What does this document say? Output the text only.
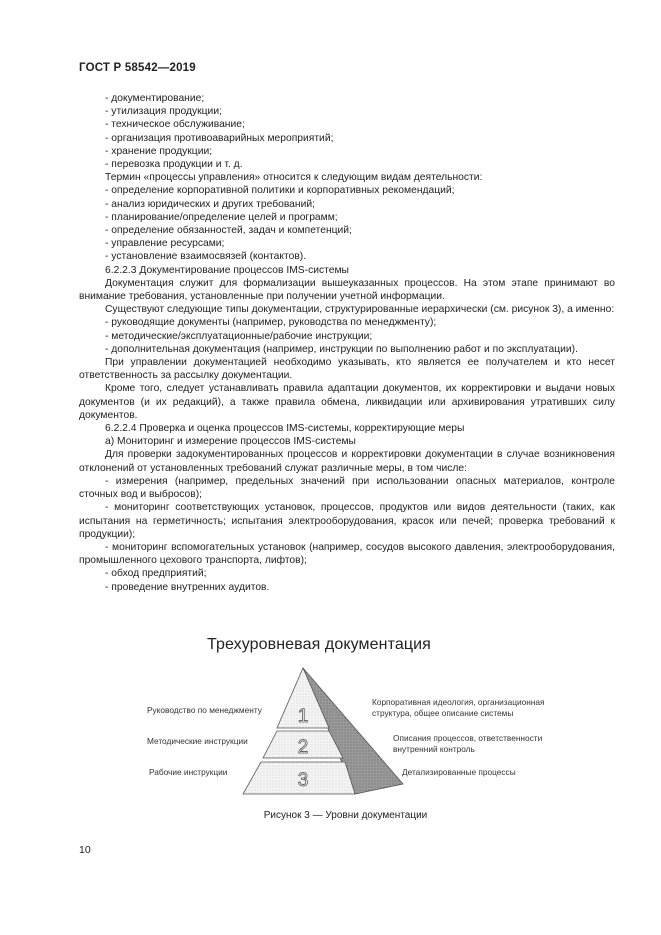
ГОСТ Р 58542—2019
- документирование;
- утилизация продукции;
- техническое обслуживание;
- организация противоаварийных мероприятий;
- хранение продукции;
- перевозка продукции и т. д.
Термин «процессы управления» относится к следующим видам деятельности:
- определение корпоративной политики и корпоративных рекомендаций;
- анализ юридических и других требований;
- планирование/определение целей и программ;
- определение обязанностей, задач и компетенций;
- управление ресурсами;
- установление взаимосвязей (контактов).
6.2.2.3 Документирование процессов IMS-системы
Документация служит для формализации вышеуказанных процессов. На этом этапе принимают во внимание требования, установленные при получении учетной информации.
Существуют следующие типы документации, структурированные иерархически (см. рисунок 3), а именно:
- руководящие документы (например, руководства по менеджменту);
- методические/эксплуатационные/рабочие инструкции;
- дополнительная документация (например, инструкции по выполнению работ и по эксплуатации).
При управлении документацией необходимо указывать, кто является ее получателем и кто несет ответственность за рассылку документации.
Кроме того, следует устанавливать правила адаптации документов, их корректировки и выдачи новых документов (и их редакций), а также правила обмена, ликвидации или архивирования утративших силу документов.
6.2.2.4 Проверка и оценка процессов IMS-системы, корректирующие меры
а) Мониторинг и измерение процессов IMS-системы
Для проверки задокументированных процессов и корректировки документации в случае возникновения отклонений от установленных требований служат различные меры, в том числе:
- измерения (например, предельных значений при использовании опасных материалов, контроле сточных вод и выбросов);
- мониторинг соответствующих установок, процессов, продуктов или видов деятельности (таких, как испытания на герметичность; испытания электрооборудования, красок или печей; проверка требований к продукции);
- мониторинг вспомогательных установок (например, сосудов высокого давления, электрооборудования, промышленного цехового транспорта, лифтов);
- обход предприятий;
- проведение внутренних аудитов.
Трехуровневая документация
1
2
3
Руководство по менеджменту
Методические инструкции
Рабочие инструкции
Корпоративная идеология, организационная
структура, общее описание системы
Описания процессов, ответственности
внутренний контроль
Детализированные процессы
Рисунок 3 — Уровни документации
10
